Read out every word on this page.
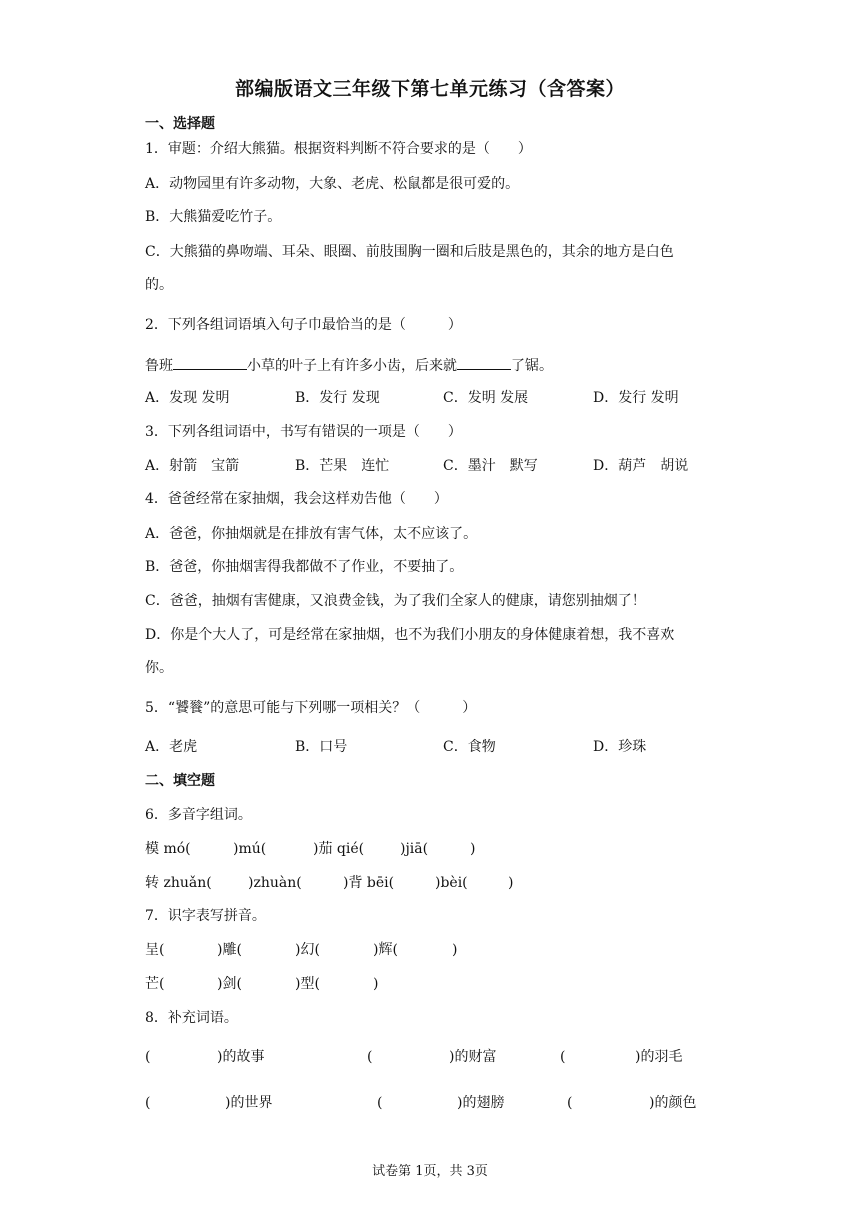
部编版语文三年级下第七单元练习（含答案）
一、选择题
1．审题：介绍大熊猫。根据资料判断不符合要求的是（　　）
A．动物园里有许多动物，大象、老虎、松鼠都是很可爱的。
B．大熊猫爱吃竹子。
C．大熊猫的鼻吻端、耳朵、眼圈、前肢围胸一圈和后肢是黑色的，其余的地方是白色
的。
2．下列各组词语填入句子巾最恰当的是（　　　）
鲁班	小草的叶子上有许多小齿，后来就	了锯。
A．发现 发明	B．发行 发现	C．发明 发展	D．发行 发明
3．下列各组词语中，书写有错误的一项是（　　）
A．射箭　宝箭	B．芒果　连忙	C．墨汁　默写	D．葫芦　胡说
4．爸爸经常在家抽烟，我会这样劝告他（　　）
A．爸爸，你抽烟就是在排放有害气体，太不应该了。
B．爸爸，你抽烟害得我都做不了作业，不要抽了。
C．爸爸，抽烟有害健康，又浪费金钱，为了我们全家人的健康，请您别抽烟了！
D．你是个大人了，可是经常在家抽烟，也不为我们小朋友的身体健康着想，我不喜欢
你。
5．“饕餮”的意思可能与下列哪一项相关？（　　　）
A．老虎	B．口号	C．食物	D．珍珠
二、填空题
6．多音字组词。
模 mó(	)mú(	)茄 qié(	)jiā(	)
转 zhuǎn(	)zhuàn(	)背 bēi(	)bèi(	)
7．识字表写拼音。
呈(	)雕(	)幻(	)辉(	)
芒(	)剑(	)型(	)
8．补充词语。
(	)的故事	(	)的财富	(	)的羽毛
(	)的世界	(	)的翅膀	(	)的颜色
试卷第 1页，共 3页
